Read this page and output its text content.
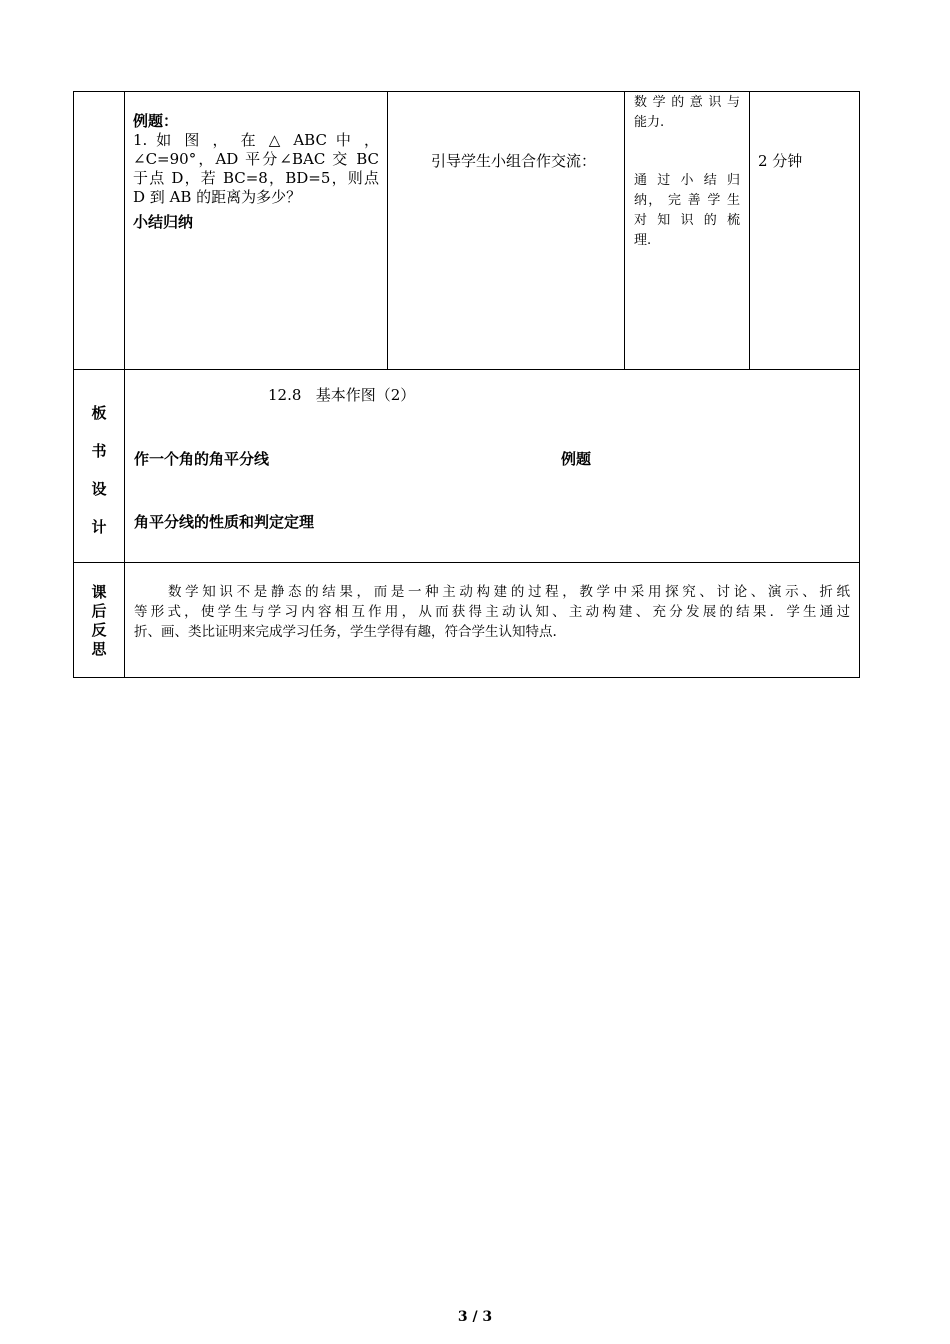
例题：
1. 如 图 ， 在 △ ABC 中 ，
∠C=90°，AD 平分∠BAC 交 BC
于点 D，若 BC=8，BD=5，则点
D 到 AB 的距离为多少？
小结归纳
引导学生小组合作交流：
数学的意识与
能力.
通 过 小 结 归
纳， 完 善 学 生
对 知 识 的 梳
理.
2 分钟
板
书
设
计
12.8   基本作图（2）
作一个角的角平分线	例题
角平分线的性质和判定定理
课
后
反
思
数学知识不是静态的结果，而是一种主动构建的过程，教学中采用探究、讨论、演示、折纸
等形式，使学生与学习内容相互作用，从而获得主动认知、主动构建、充分发展的结果．学生通过
折、画、类比证明来完成学习任务，学生学得有趣，符合学生认知特点.
3 / 3
